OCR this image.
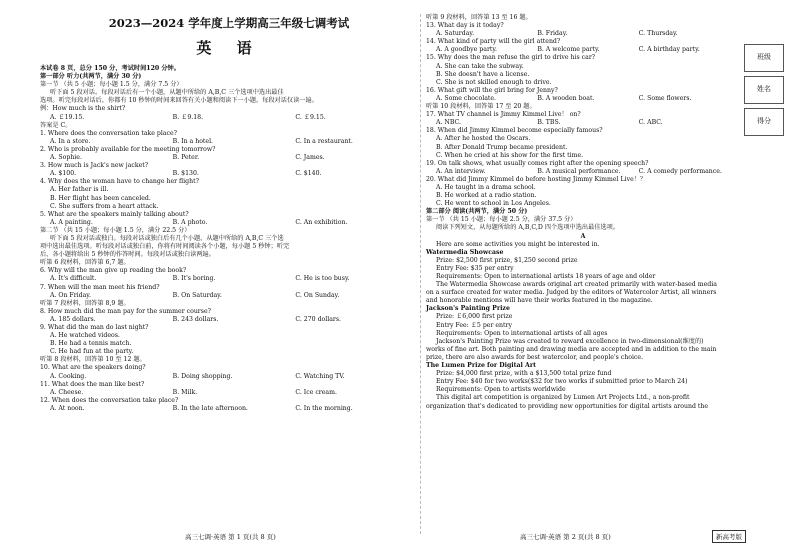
2023—2024 学年度上学期高三年级七调考试
英 语
本试卷 8 页，总分 150 分，考试时间120 分钟。
第一部分 听力(共两节，满分 30 分)
第一节 （共 5 小题；每小题 1.5 分，满分 7.5 分）
听下面 5 段对话。每段对话后有一个小题，从题中所给的 A,B,C 三个选项中选出最佳
选项。听完每段对话后，你都有 10 秒钟的时间来回答有关小题和阅读下一小题。每段对话仅读一遍。
例：How much is the shirt?
A. ￡19.15.	B. ￡9.18.	C. ￡9.15.
答案是 C。
1. Where does the conversation take place?
A. In a store.	B. In a hotel.	C. In a restaurant.
2. Who is probably available for the meeting tomorrow?
A. Sophie.	B. Peter.	C. James.
3. How much is Jack's new jacket?
A. $100.	B. $130.	C. $140.
4. Why does the woman have to change her flight?
A. Her father is ill.
B. Her flight has been canceled.
C. She suffers from a heart attack.
5. What are the speakers mainly talking about?
A. A painting.	B. A photo.	C. An exhibition.
第二节 （共 15 小题；每小题 1.5 分，满分 22.5 分）
听下面 5 段对话或独白。每段对话或独白后有几个小题，从题中所给的 A,B,C 三个选
项中选出最佳选项。听每段对话或独白前，你将有时间阅读各个小题，每小题 5 秒钟；听完
后，各小题将给出 5 秒钟的作答时间。每段对话或独白读两遍。
听第 6 段材料，回答第 6,7 题。
6. Why will the man give up reading the book?
A. It's difficult.	B. It's boring.	C. He is too busy.
7. When will the man meet his friend?
A. On Friday.	B. On Saturday.	C. On Sunday.
听第 7 段材料，回答第 8,9 题。
8. How much did the man pay for the summer course?
A. 185 dollars.	B. 243 dollars.	C. 270 dollars.
9. What did the man do last night?
A. He watched videos.
B. He had a tennis match.
C. He had fun at the party.
听第 8 段材料，回答第 10 至 12 题。
10. What are the speakers doing?
A. Cooking.	B. Doing shopping.	C. Watching TV.
11. What does the man like best?
A. Cheese.	B. Milk.	C. Ice cream.
12. When does the conversation take place?
A. At noon.	B. In the late afternoon.	C. In the morning.
听第 9 段材料，回答第 13 至 16 题。
13. What day is it today?
A. Saturday.	B. Friday.	C. Thursday.
14. What kind of party will the girl attend?
A. A goodbye party.	B. A welcome party.	C. A birthday party.
15. Why does the man refuse the girl to drive his car?
A. She can take the subway.
B. She doesn't have a license.
C. She is not skilled enough to drive.
16. What gift will the girl bring for Jenny?
A. Some chocolate.	B. A wooden boat.	C. Some flowers.
听第 10 段材料，回答第 17 至 20 题。
17. What TV channel is Jimmy Kimmel Live！ on?
A. NBC.	B. TBS.	C. ABC.
18. When did Jimmy Kimmel become especially famous?
A. After he hosted the Oscars.
B. After Donald Trump became president.
C. When he cried at his show for the first time.
19. On talk shows, what usually comes right after the opening speech?
A. An interview.	B. A musical performance.	C. A comedy performance.
20. What did Jimmy Kimmel do before hosting Jimmy Kimmel Live！？
A. He taught in a drama school.
B. He worked at a radio station.
C. He went to school in Los Angeles.
第二部分 阅读(共两节，满分 50 分)
第一节 （共 15 小题；每小题 2.5 分，满分 37.5 分）
阅读下列短文，从每题所给的 A,B,C,D 四个选项中选出最佳选项。
A
Here are some activities you might be interested in.
Watermedia Showcase
Prize: $2,500 first prize, $1,250 second prize
Entry Fee: $35 per entry
Requirements: Open to international artists 18 years of age and older
The Watermedia Showcase awards original art created primarily with water-based media
on a surface created for water media. Judged by the editors of Watercolor Artist, all winners
and honorable mentions will have their works featured in the magazine.
Jackson's Painting Prize
Prize: ￡6,000 first prize
Entry Fee: ￡5 per entry
Requirements: Open to international artists of all ages
Jackson's Painting Prize was created to reward excellence in two-dimensional(维度的)
works of fine art. Both painting and drawing media are accepted and in addition to the main
prize, there are also awards for best watercolor, and people's choice.
The Lumen Prize for Digital Art
Prize: $4,000 first prize, with a $13,500 total prize fund
Entry Fee: $40 for two works($32 for two works if submitted prior to March 24)
Requirements: Open to artists worldwide
This digital art competition is organized by Lumen Art Projects Ltd., a non-profit
organization that's dedicated to providing new opportunities for digital artists around the
班级
姓名
得分
高三七调·英语 第 1 页(共 8 页)	高三七调·英语 第 2 页(共 8 页)	新高考版
